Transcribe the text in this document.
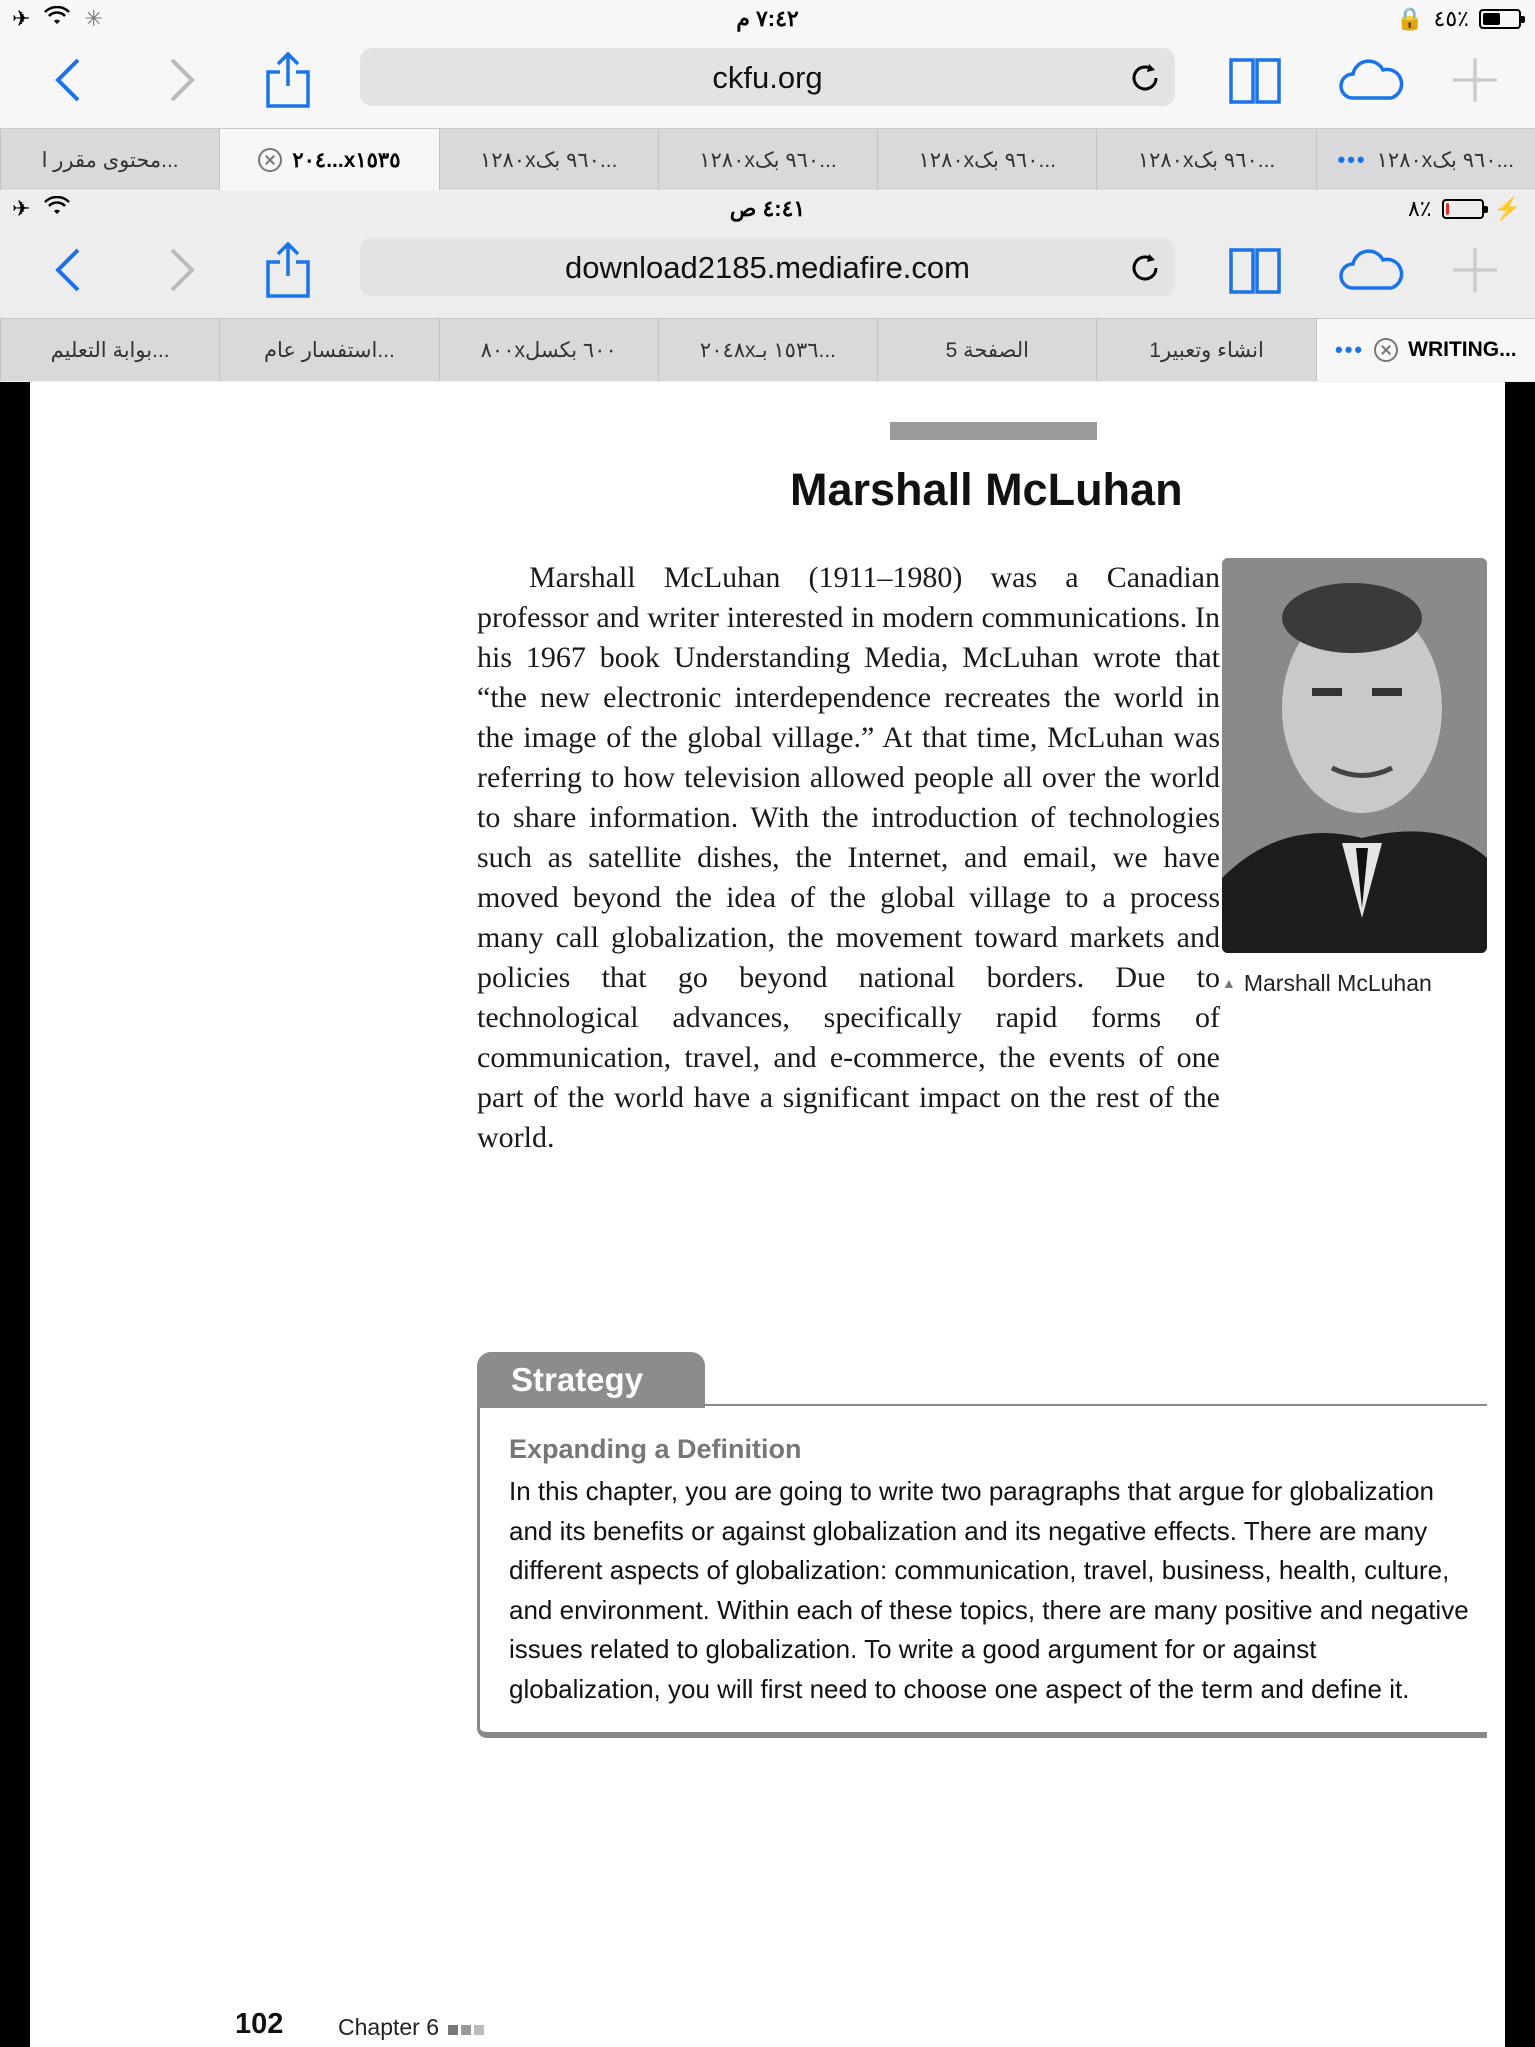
✈ ✳	٧:٤٢ م	🔒 ٤٥٪
ckfu.org
محتوى مقرر ا...	٢٠٤...x١٥٣٥	١٢٨٠x٩٦٠ بک...	١٢٨٠x٩٦٠ بک...	١٢٨٠x٩٦٠ بک...	١٢٨٠x٩٦٠ بک...	••• ١٢٨٠x٩٦٠ بک...
✈	٤:٤١ ص	٨٪	⚡
download2185.mediafire.com
بوابة التعليم...	استفسار عام...	٨٠٠x٦٠٠ بکسل	٢٠٤٨x١٥٣٦ بـ...	الصفحة 5	انشاء وتعبير1	••• WRITING...
Marshall McLuhan
Marshall McLuhan (1911–1980) was a Canadian professor and writer interested in modern communications. In his 1967 book Understanding Media, McLuhan wrote that “the new electronic interdependence recreates the world in the image of the global village.” At that time, McLuhan was referring to how television allowed people all over the world to share information. With the introduction of technologies such as satellite dishes, the Internet, and email, we have moved beyond the idea of the global village to a process many call globalization, the movement toward markets and policies that go beyond national borders. Due to technological advances, specifically rapid forms of communication, travel, and e-commerce, the events of one part of the world have a significant impact on the rest of the world.
▲ Marshall McLuhan
Strategy
Expanding a Definition
In this chapter, you are going to write two paragraphs that argue for globalization and its benefits or against globalization and its negative effects. There are many different aspects of globalization: communication, travel, business, health, culture, and environment. Within each of these topics, there are many positive and negative issues related to globalization. To write a good argument for or against globalization, you will first need to choose one aspect of the term and define it.
102 Chapter 6
